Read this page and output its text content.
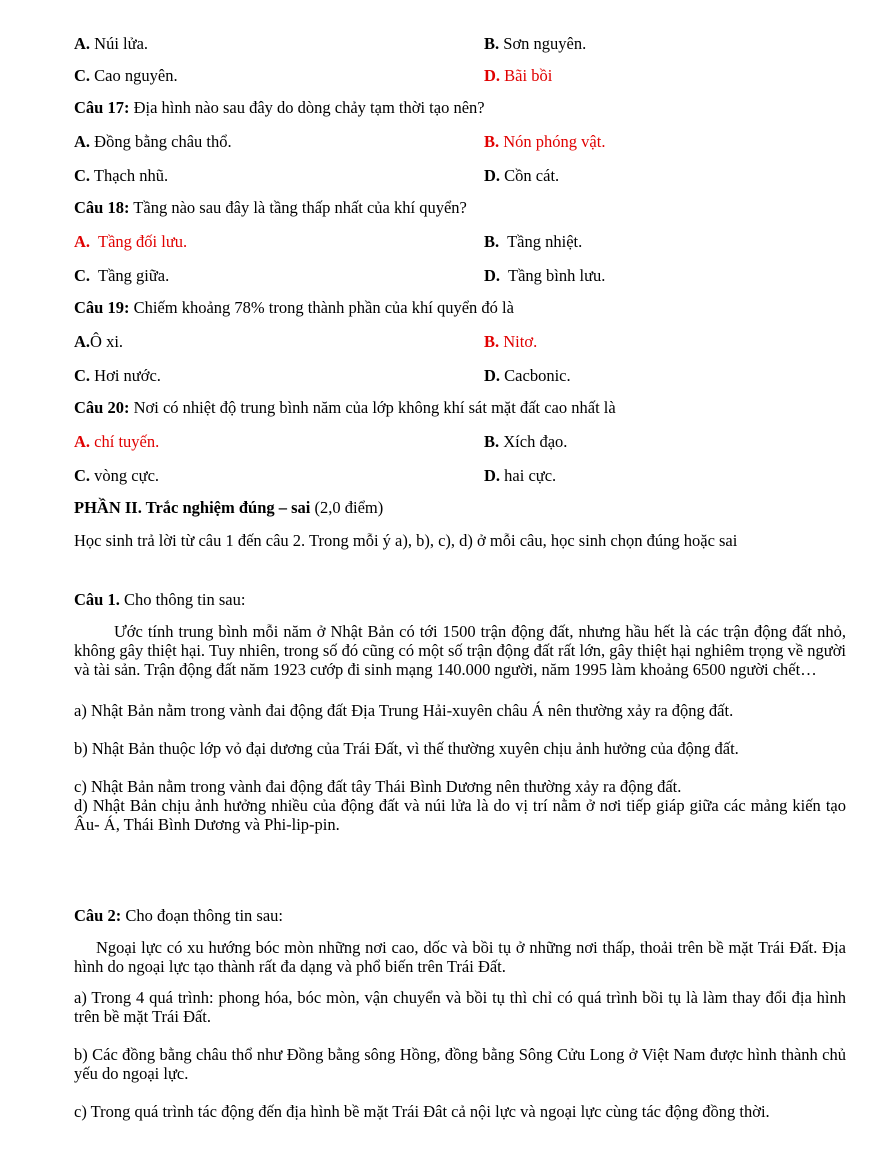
A. Núi lửa.	B. Sơn nguyên.
C. Cao nguyên.	D. Bãi bồi
Câu 17: Địa hình nào sau đây do dòng chảy tạm thời tạo nên?
A. Đồng bằng châu thổ.	B. Nón phóng vật.
C. Thạch nhũ.	D. Cồn cát.
Câu 18: Tầng nào sau đây là tầng thấp nhất của khí quyển?
A.  Tầng đối lưu.	B.  Tầng nhiệt.
C.  Tầng giữa.	D.  Tầng bình lưu.
Câu 19: Chiếm khoảng 78% trong thành phần của khí quyển đó là
A.Ô xi.	B. Nitơ.
C. Hơi nước.	D. Cacbonic.
Câu 20: Nơi có nhiệt độ trung bình năm của lớp không khí sát mặt đất cao nhất là
A. chí tuyến.	B. Xích đạo.
C. vòng cực.	D. hai cực.
PHẦN II. Trắc nghiệm đúng – sai (2,0 điểm)
Học sinh trả lời từ câu 1 đến câu 2. Trong mỗi ý a), b), c), d) ở mỗi câu, học sinh chọn đúng hoặc sai
Câu 1. Cho thông tin sau:
Ước tính trung bình mỗi năm ở Nhật Bản có tới 1500 trận động đất, nhưng hầu hết là các trận động đất nhỏ, không gây thiệt hại. Tuy nhiên, trong số đó cũng có một số trận động đất rất lớn, gây thiệt hại nghiêm trọng về người và tài sản. Trận động đất năm 1923 cướp đi sinh mạng 140.000 người, năm 1995 làm khoảng 6500 người chết…
a) Nhật Bản nằm trong vành đai động đất Địa Trung Hải-xuyên châu Á nên thường xảy ra động đất.
b) Nhật Bản thuộc lớp vỏ đại dương của Trái Đất, vì thế thường xuyên chịu ảnh hưởng của động đất.
c) Nhật Bản nằm trong vành đai động đất tây Thái Bình Dương nên thường xảy ra động đất.
d) Nhật Bản chịu ảnh hưởng nhiều của động đất và núi lửa là do vị trí nằm ở nơi tiếp giáp giữa các mảng kiến tạo Âu- Á, Thái Bình Dương và Phi-lip-pin.
Câu 2: Cho đoạn thông tin sau:
Ngoại lực có xu hướng bóc mòn những nơi cao, dốc và bồi tụ ở những nơi thấp, thoải trên bề mặt Trái Đất. Địa hình do ngoại lực tạo thành rất đa dạng và phổ biến trên Trái Đất.
a) Trong 4 quá trình: phong hóa, bóc mòn, vận chuyển và bồi tụ thì chỉ có quá trình bồi tụ là làm thay đổi địa hình trên bề mặt Trái Đất.
b) Các đồng bằng châu thổ như Đồng bằng sông Hồng, đồng bằng Sông Cửu Long ở Việt Nam được hình thành chủ yếu do ngoại lực.
c) Trong quá trình tác động đến địa hình bề mặt Trái Đât cả nội lực và ngoại lực cùng tác động đồng thời.
